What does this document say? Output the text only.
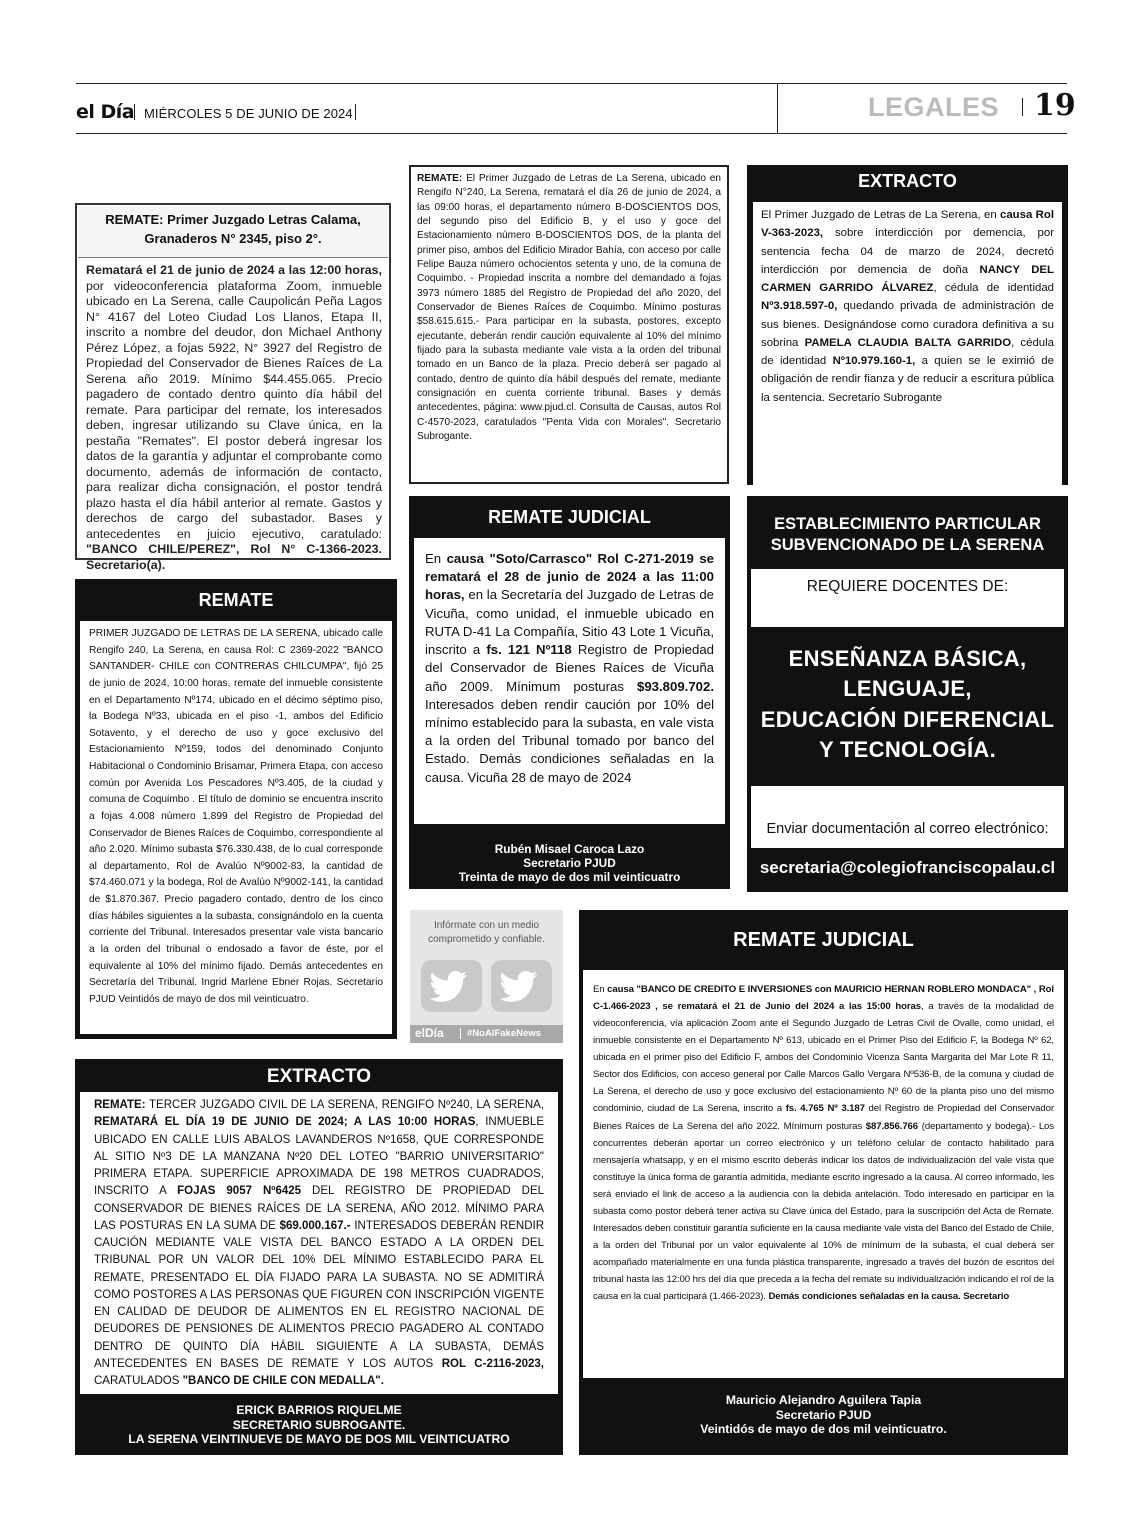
el Día MIÉRCOLES 5 DE JUNIO DE 2024	LEGALES 19
REMATE: Primer Juzgado Letras Calama, Granaderos N° 2345, piso 2°.

Rematará el 21 de junio de 2024 a las 12:00 horas, por videoconferencia plataforma Zoom, inmueble ubicado en La Serena, calle Caupolicán Peña Lagos N° 4167 del Loteo Ciudad Los Llanos, Etapa II, inscrito a nombre del deudor, don Michael Anthony Pérez López, a fojas 5922, N° 3927 del Registro de Propiedad del Conservador de Bienes Raíces de La Serena año 2019. Mínimo $44.455.065. Precio pagadero de contado dentro quinto día hábil del remate. Para participar del remate, los interesados deben, ingresar utilizando su Clave única, en la pestaña "Remates". El postor deberá ingresar los datos de la garantía y adjuntar el comprobante como documento, además de información de contacto, para realizar dicha consignación, el postor tendrá plazo hasta el día hábil anterior al remate. Gastos y derechos de cargo del subastador. Bases y antecedentes en juicio ejecutivo, caratulado: "BANCO CHILE/PEREZ", Rol N° C-1366-2023. Secretario(a).

REMATE: El Primer Juzgado de Letras de La Serena, ubicado en Rengifo N°240, La Serena, rematará el día 26 de junio de 2024, a las 09:00 horas, el departamento número B-DOSCIENTOS DOS, del segundo piso del Edificio B, y el uso y goce del Estacionamiento número B-DOSCIENTOS DOS, de la planta del primer piso, ambos del Edificio Mirador Bahía, con acceso por calle Felipe Bauza número ochocientos setenta y uno, de la comuna de Coquimbo. - Propiedad inscrita a nombre del demandado a fojas 3973 número 1885 del Registro de Propiedad del año 2020, del Conservador de Bienes Raíces de Coquimbo. Mínimo posturas $58.615.615.- Para participar en la subasta, postores, excepto ejecutante, deberán rendir caución equivalente al 10% del mínimo fijado para la subasta mediante vale vista a la orden del tribunal tomado en un Banco de la plaza. Precio deberá ser pagado al contado, dentro de quinto día hábil después del remate, mediante consignación en cuenta corriente tribunal. Bases y demás antecedentes, página: www.pjud.cl. Consulta de Causas, autos Rol C-4570-2023, caratulados "Penta Vida con Morales". Secretario Subrogante.

EXTRACTO

El Primer Juzgado de Letras de La Serena, en causa Rol V-363-2023, sobre interdicción por demencia, por sentencia fecha 04 de marzo de 2024, decretó interdicción por demencia de doña NANCY DEL CARMEN GARRIDO ÁLVAREZ, cédula de identidad Nº3.918.597-0, quedando privada de administración de sus bienes. Designándose como curadora definitiva a su sobrina PAMELA CLAUDIA BALTA GARRIDO, cédula de identidad Nº10.979.160-1, a quien se le eximió de obligación de rendir fianza y de reducir a escritura pública la sentencia. Secretario Subrogante

Alberto Eduardo Codoceo Collao
Secretario PJUD
Dieciséis de mayo de dos mil veinticuatro.
REMATE

PRIMER JUZGADO DE LETRAS DE LA SERENA, ubicado calle Rengifo 240, La Serena, en causa Rol: C 2369-2022 "BANCO SANTANDER- CHILE con CONTRERAS CHILCUMPA", fijó 25 de junio de 2024, 10:00 horas, remate del inmueble consistente en el Departamento Nº174, ubicado en el décimo séptimo piso, la Bodega Nº33, ubicada en el piso -1, ambos del Edificio Sotavento, y el derecho de uso y goce exclusivo del Estacionamiento Nº159, todos del denominado Conjunto Habitacional o Condominio Brisamar, Primera Etapa, con acceso común por Avenida Los Pescadores Nº3.405, de la ciudad y comuna de Coquimbo . El título de dominio se encuentra inscrito a fojas 4.008 número 1.899 del Registro de Propiedad del Conservador de Bienes Raíces de Coquimbo, correspondiente al año 2.020. Mínimo subasta $76.330.438, de lo cual corresponde al departamento, Rol de Avalúo Nº9002-83, la cantidad de $74.460.071 y la bodega, Rol de Avalúo Nº9002-141, la cantidad de $1.870.367. Precio pagadero contado, dentro de los cinco días hábiles siguientes a la subasta, consignándolo en la cuenta corriente del Tribunal. Interesados presentar vale vista bancario a la orden del tribunal o endosado a favor de éste, por el equivalente al 10% del mínimo fijado. Demás antecedentes en Secretaría del Tribunal. Ingrid Marlene Ebner Rojas. Secretario PJUD Veintidós de mayo de dos mil veinticuatro.

REMATE JUDICIAL

En causa "Soto/Carrasco" Rol C-271-2019 se rematará el 28 de junio de 2024 a las 11:00 horas, en la Secretaría del Juzgado de Letras de Vicuña, como unidad, el inmueble ubicado en RUTA D-41 La Compañía, Sitio 43 Lote 1 Vicuña, inscrito a fs. 121 Nº118 Registro de Propiedad del Conservador de Bienes Raíces de Vicuña año 2009. Mínimum posturas $93.809.702. Interesados deben rendir caución por 10% del mínimo establecido para la subasta, en vale vista a la orden del Tribunal tomado por banco del Estado. Demás condiciones señaladas en la causa. Vicuña 28 de mayo de 2024

Rubén Misael Caroca Lazo
Secretario PJUD
Treinta de mayo de dos mil veinticuatro
ESTABLECIMIENTO PARTICULAR SUBVENCIONADO DE LA SERENA
REQUIERE DOCENTES DE:
ENSEÑANZA BÁSICA,
LENGUAJE,
EDUCACIÓN DIFERENCIAL
Y TECNOLOGÍA.
Enviar documentación al correo electrónico:
secretaria@colegiofranciscopalau.cl
Infórmate con un medio
comprometido y confiable.
elDía #NoAlFakeNews
REMATE JUDICIAL

En causa "BANCO DE CREDITO E INVERSIONES con MAURICIO HERNAN ROBLERO MONDACA" , Rol C-1.466-2023 , se rematará el 21 de Junio del 2024 a las 15:00 horas, a través de la modalidad de videoconferencia, vía aplicación Zoom ante el Segundo Juzgado de Letras Civil de Ovalle, como unidad, el inmueble consistente en el Departamento Nº 613, ubicado en el Primer Piso del Edificio F, la Bodega Nº 62, ubicada en el primer piso del Edificio F, ambos del Condominio Vicenza Santa Margarita del Mar Lote R 11, Sector dos Edificios, con acceso general por Calle Marcos Gallo Vergara Nº536-B, de la comuna y ciudad de La Serena, el derecho de uso y goce exclusivo del estacionamiento Nº 60 de la planta piso uno del mismo condominio, ciudad de La Serena, inscrito a fs. 4.765 Nº 3.187 del Registro de Propiedad del Conservador Bienes Raíces de La Serena del año 2022. Mínimum posturas $87.856.766 (departamento y bodega).- Los concurrentes deberán aportar un correo electrónico y un teléfono celular de contacto habilitado para mensajería whatsapp, y en el mismo escrito deberás indicar los datos de individualización del vale vista que constituye la única forma de garantía admitida, mediante escrito ingresado a la causa. Al correo informado, les será enviado el link de acceso a la audiencia con la debida antelación. Todo interesado en participar en la subasta como postor deberá tener activa su Clave única del Estado, para la suscripción del Acta de Remate. Interesados deben constituir garantía suficiente en la causa mediante vale vista del Banco del Estado de Chile, a la orden del Tribunal por un valor equivalente al 10% de mínimum de la subasta, el cual deberá ser acompañado materialmente en una funda plástica transparente, ingresado a través del buzón de escritos del tribunal hasta las 12:00 hrs del día que preceda a la fecha del remate su individualización indicando el rol de la causa en la cual participará (1.466-2023). Demás condiciones señaladas en la causa. Secretario

Mauricio Alejandro Aguilera Tapia
Secretario PJUD
Veintidós de mayo de dos mil veinticuatro.
EXTRACTO

REMATE: TERCER JUZGADO CIVIL DE LA SERENA, RENGIFO Nº240, LA SERENA, REMATARÁ EL DÍA 19 DE JUNIO DE 2024; A LAS 10:00 HORAS, INMUEBLE UBICADO EN CALLE LUIS ABALOS LAVANDEROS Nº1658, QUE CORRESPONDE AL SITIO Nº3 DE LA MANZANA Nº20 DEL LOTEO "BARRIO UNIVERSITARIO" PRIMERA ETAPA. SUPERFICIE APROXIMADA DE 198 METROS CUADRADOS, INSCRITO A FOJAS 9057 Nº6425 DEL REGISTRO DE PROPIEDAD DEL CONSERVADOR DE BIENES RAÍCES DE LA SERENA, AÑO 2012. MÍNIMO PARA LAS POSTURAS EN LA SUMA DE $69.000.167.- INTERESADOS DEBERÁN RENDIR CAUCIÓN MEDIANTE VALE VISTA DEL BANCO ESTADO A LA ORDEN DEL TRIBUNAL POR UN VALOR DEL 10% DEL MÍNIMO ESTABLECIDO PARA EL REMATE, PRESENTADO EL DÍA FIJADO PARA LA SUBASTA. NO SE ADMITIRÁ COMO POSTORES A LAS PERSONAS QUE FIGUREN CON INSCRIPCIÓN VIGENTE EN CALIDAD DE DEUDOR DE ALIMENTOS EN EL REGISTRO NACIONAL DE DEUDORES DE PENSIONES DE ALIMENTOS PRECIO PAGADERO AL CONTADO DENTRO DE QUINTO DÍA HÁBIL SIGUIENTE A LA SUBASTA, DEMÁS ANTECEDENTES EN BASES DE REMATE Y LOS AUTOS ROL C-2116-2023, CARATULADOS "BANCO DE CHILE CON MEDALLA".

ERICK BARRIOS RIQUELME
SECRETARIO SUBROGANTE.
LA SERENA VEINTINUEVE DE MAYO DE DOS MIL VEINTICUATRO
